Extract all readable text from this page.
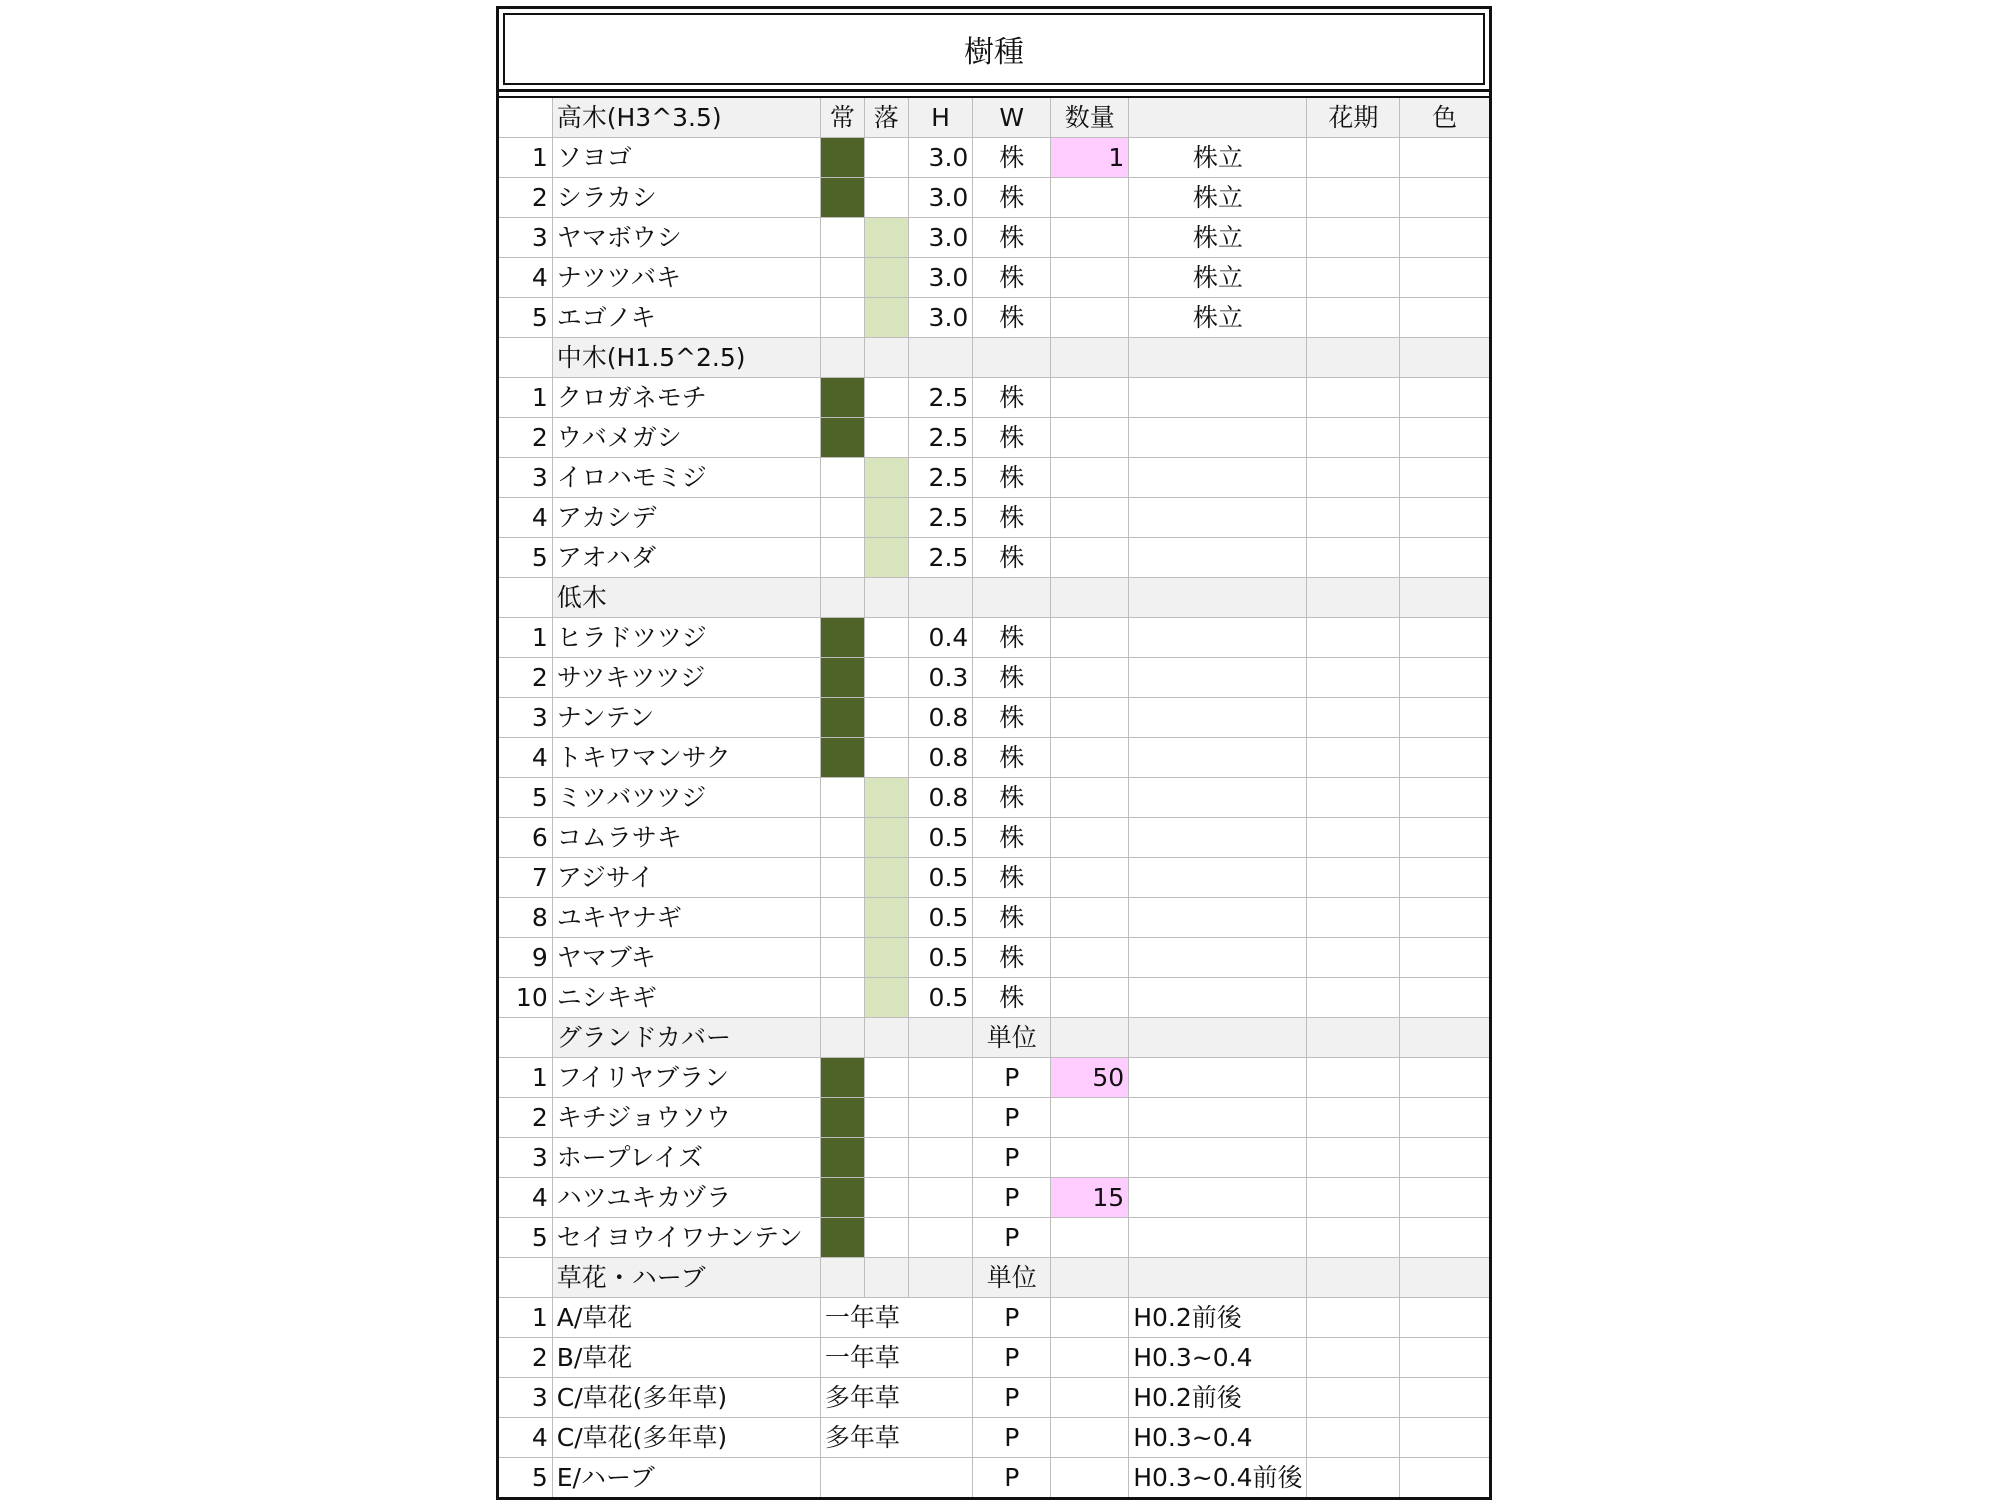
樹種
	高木(H3^3.5)	常	落	H	W	数量		花期	色
1	ソヨゴ			3.0	株	1	株立		
2	シラカシ			3.0	株		株立		
3	ヤマボウシ			3.0	株		株立		
4	ナツツバキ			3.0	株		株立		
5	エゴノキ			3.0	株		株立		
	中木(H1.5^2.5)								
1	クロガネモチ			2.5	株				
2	ウバメガシ			2.5	株				
3	イロハモミジ			2.5	株				
4	アカシデ			2.5	株				
5	アオハダ			2.5	株				
	低木								
1	ヒラドツツジ			0.4	株				
2	サツキツツジ			0.3	株				
3	ナンテン			0.8	株				
4	トキワマンサク			0.8	株				
5	ミツバツツジ			0.8	株				
6	コムラサキ			0.5	株				
7	アジサイ			0.5	株				
8	ユキヤナギ			0.5	株				
9	ヤマブキ			0.5	株				
10	ニシキギ			0.5	株				
	グランドカバー				単位				
1	フイリヤブラン				P	50			
2	キチジョウソウ				P				
3	ホープレイズ				P				
4	ハツユキカヅラ				P	15			
5	セイヨウイワナンテン				P				
	草花・ハーブ				単位				
1	A/草花	一年草			P		H0.2前後		
2	B/草花	一年草			P		H0.3~0.4		
3	C/草花(多年草)	多年草			P		H0.2前後		
4	C/草花(多年草)	多年草			P		H0.3~0.4		
5	E/ハーブ				P		H0.3~0.4前後		
